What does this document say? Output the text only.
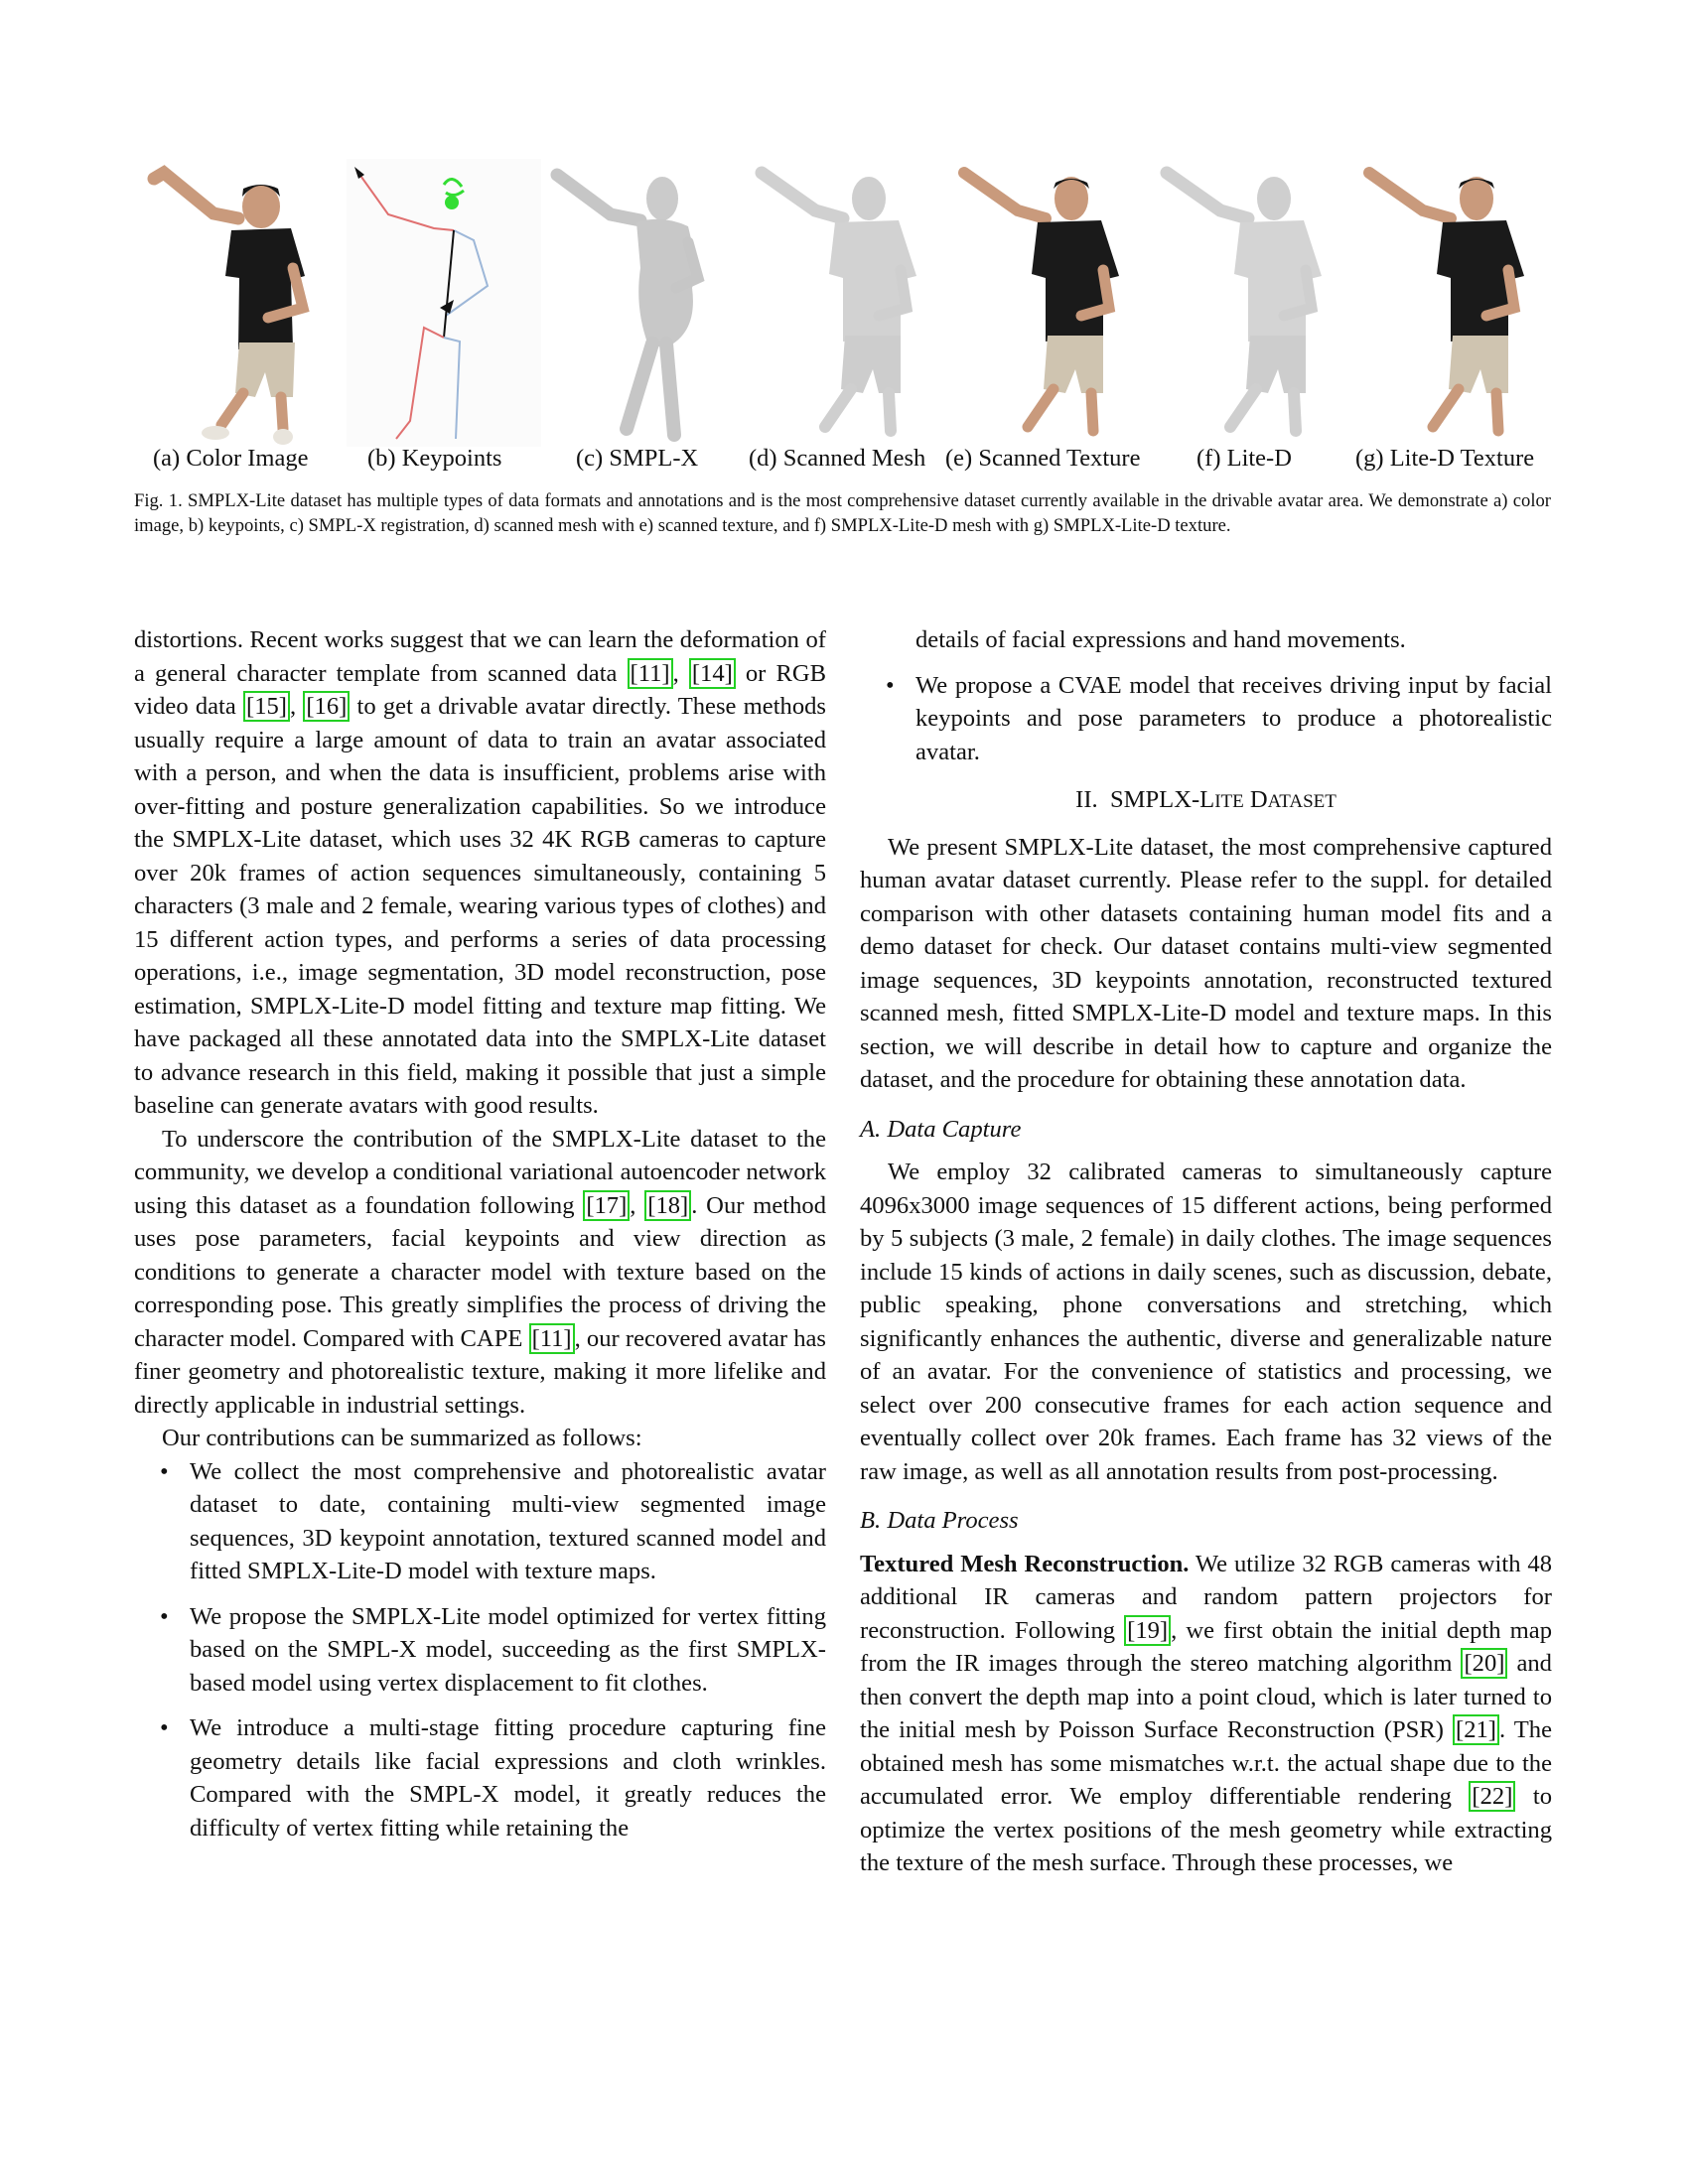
(a) Color Image (b) Keypoints	(c) SMPL-X (d) Scanned Mesh (e) Scanned Texture (f) Lite-D	(g) Lite-D Texture
Fig. 1. SMPLX-Lite dataset has multiple types of data formats and annotations and is the most comprehensive dataset currently available in the drivable avatar area. We demonstrate a) color image, b) keypoints, c) SMPL-X registration, d) scanned mesh with e) scanned texture, and f) SMPLX-Lite-D mesh with g) SMPLX-Lite-D texture.

distortions. Recent works suggest that we can learn the deformation of a general character template from scanned data [11] , [14] or RGB video data [15] , [16] to get a drivable avatar directly. These methods usually require a large amount of data to train an avatar associated with a person, and when the data is insufficient, problems arise with over-fitting and posture generalization capabilities. So we introduce the SMPLX-Lite dataset, which uses 32 4K RGB cameras to capture over 20k frames of action sequences simultaneously, containing 5 characters (3 male and 2 female, wearing various types of clothes) and 15 different action types, and performs a series of data processing operations, i.e., image segmentation, 3D model reconstruction, pose estimation, SMPLX-Lite-D model fitting and texture map fitting. We have packaged all these annotated data into the SMPLX-Lite dataset to advance research in this field, making it possible that just a simple baseline can generate avatars with good results.

To underscore the contribution of the SMPLX-Lite dataset to the community, we develop a conditional variational autoencoder network using this dataset as a foundation following [17] , [18] . Our method uses pose parameters, facial keypoints and view direction as conditions to generate a character model with texture based on the corresponding pose. This greatly simplifies the process of driving the character model. Compared with CAPE [11] , our recovered avatar has finer geometry and photorealistic texture, making it more lifelike and directly applicable in industrial settings.

Our contributions can be summarized as follows:

• We collect the most comprehensive and photorealistic avatar dataset to date, containing multi-view segmented image sequences, 3D keypoint annotation, textured scanned model and fitted SMPLX-Lite-D model with texture maps.
• We propose the SMPLX-Lite model optimized for vertex fitting based on the SMPL-X model, succeeding as the first SMPLX-based model using vertex displacement to fit clothes.
• We introduce a multi-stage fitting procedure capturing fine geometry details like facial expressions and cloth wrinkles. Compared with the SMPL-X model, it greatly reduces the difficulty of vertex fitting while retaining the
details of facial expressions and hand movements.
• We propose a CVAE model that receives driving input by facial keypoints and pose parameters to produce a photorealistic avatar.
II. SMPLX-LITE DATASET

We present SMPLX-Lite dataset, the most comprehensive captured human avatar dataset currently. Please refer to the suppl. for detailed comparison with other datasets containing human model fits and a demo dataset for check. Our dataset contains multi-view segmented image sequences, 3D keypoints annotation, reconstructed textured scanned mesh, fitted SMPLX-Lite-D model and texture maps. In this section, we will describe in detail how to capture and organize the dataset, and the procedure for obtaining these annotation data.

A. Data Capture

We employ 32 calibrated cameras to simultaneously capture 4096x3000 image sequences of 15 different actions, being performed by 5 subjects (3 male, 2 female) in daily clothes. The image sequences include 15 kinds of actions in daily scenes, such as discussion, debate, public speaking, phone conversations and stretching, which significantly enhances the authentic, diverse and generalizable nature of an avatar. For the convenience of statistics and processing, we select over 200 consecutive frames for each action sequence and eventually collect over 20k frames. Each frame has 32 views of the raw image, as well as all annotation results from post-processing.

B. Data Process

Textured Mesh Reconstruction. We utilize 32 RGB cameras with 48 additional IR cameras and random pattern projectors for reconstruction. Following [19] , we first obtain the initial depth map from the IR images through the stereo matching algorithm [20] and then convert the depth map into a point cloud, which is later turned to the initial mesh by Poisson Surface Reconstruction (PSR) [21] . The obtained mesh has some mismatches w.r.t. the actual shape due to the accumulated error. We employ differentiable rendering [22] to optimize the vertex positions of the mesh geometry while extracting the texture of the mesh surface. Through these processes, we
